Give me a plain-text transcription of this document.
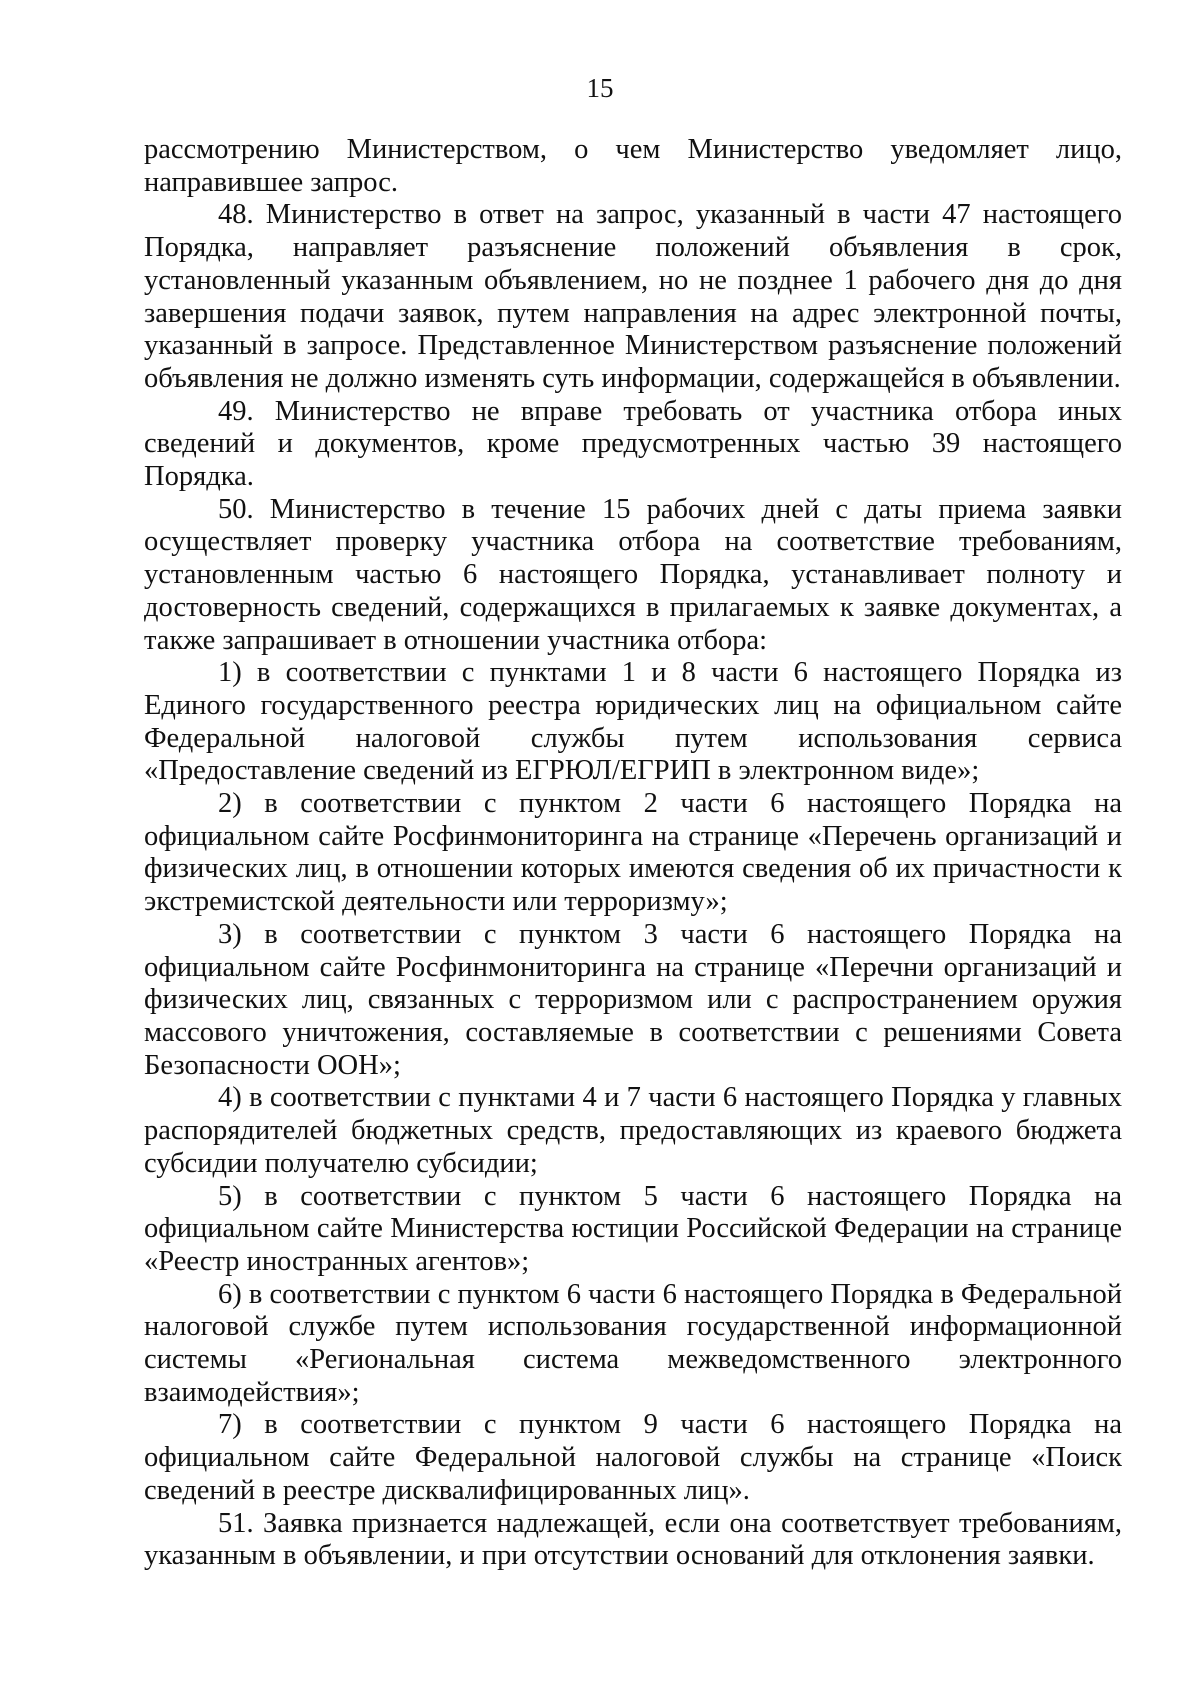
15

рассмотрению Министерством, о чем Министерство уведомляет лицо, направившее запрос.

48. Министерство в ответ на запрос, указанный в части 47 настоящего Порядка, направляет разъяснение положений объявления в срок, установленный указанным объявлением, но не позднее 1 рабочего дня до дня завершения подачи заявок, путем направления на адрес электронной почты, указанный в запросе. Представленное Министерством разъяснение положений объявления не должно изменять суть информации, содержащейся в объявлении.

49. Министерство не вправе требовать от участника отбора иных сведений и документов, кроме предусмотренных частью 39 настоящего Порядка.

50. Министерство в течение 15 рабочих дней с даты приема заявки осуществляет проверку участника отбора на соответствие требованиям, установленным частью 6 настоящего Порядка, устанавливает полноту и достоверность сведений, содержащихся в прилагаемых к заявке документах, а также запрашивает в отношении участника отбора:

1) в соответствии с пунктами 1 и 8 части 6 настоящего Порядка из Единого государственного реестра юридических лиц на официальном сайте Федеральной налоговой службы путем использования сервиса «Предоставление сведений из ЕГРЮЛ/ЕГРИП в электронном виде»;

2) в соответствии с пунктом 2 части 6 настоящего Порядка на официальном сайте Росфинмониторинга на странице «Перечень организаций и физических лиц, в отношении которых имеются сведения об их причастности к экстремистской деятельности или терроризму»;

3) в соответствии с пунктом 3 части 6 настоящего Порядка на официальном сайте Росфинмониторинга на странице «Перечни организаций и физических лиц, связанных с терроризмом или с распространением оружия массового уничтожения, составляемые в соответствии с решениями Совета Безопасности ООН»;

4) в соответствии с пунктами 4 и 7 части 6 настоящего Порядка у главных распорядителей бюджетных средств, предоставляющих из краевого бюджета субсидии получателю субсидии;

5) в соответствии с пунктом 5 части 6 настоящего Порядка на официальном сайте Министерства юстиции Российской Федерации на странице «Реестр иностранных агентов»;

6) в соответствии с пунктом 6 части 6 настоящего Порядка в Федеральной налоговой службе путем использования государственной информационной системы «Региональная система межведомственного электронного взаимодействия»;

7) в соответствии с пунктом 9 части 6 настоящего Порядка на официальном сайте Федеральной налоговой службы на странице «Поиск сведений в реестре дисквалифицированных лиц».

51. Заявка признается надлежащей, если она соответствует требованиям, указанным в объявлении, и при отсутствии оснований для отклонения заявки.
